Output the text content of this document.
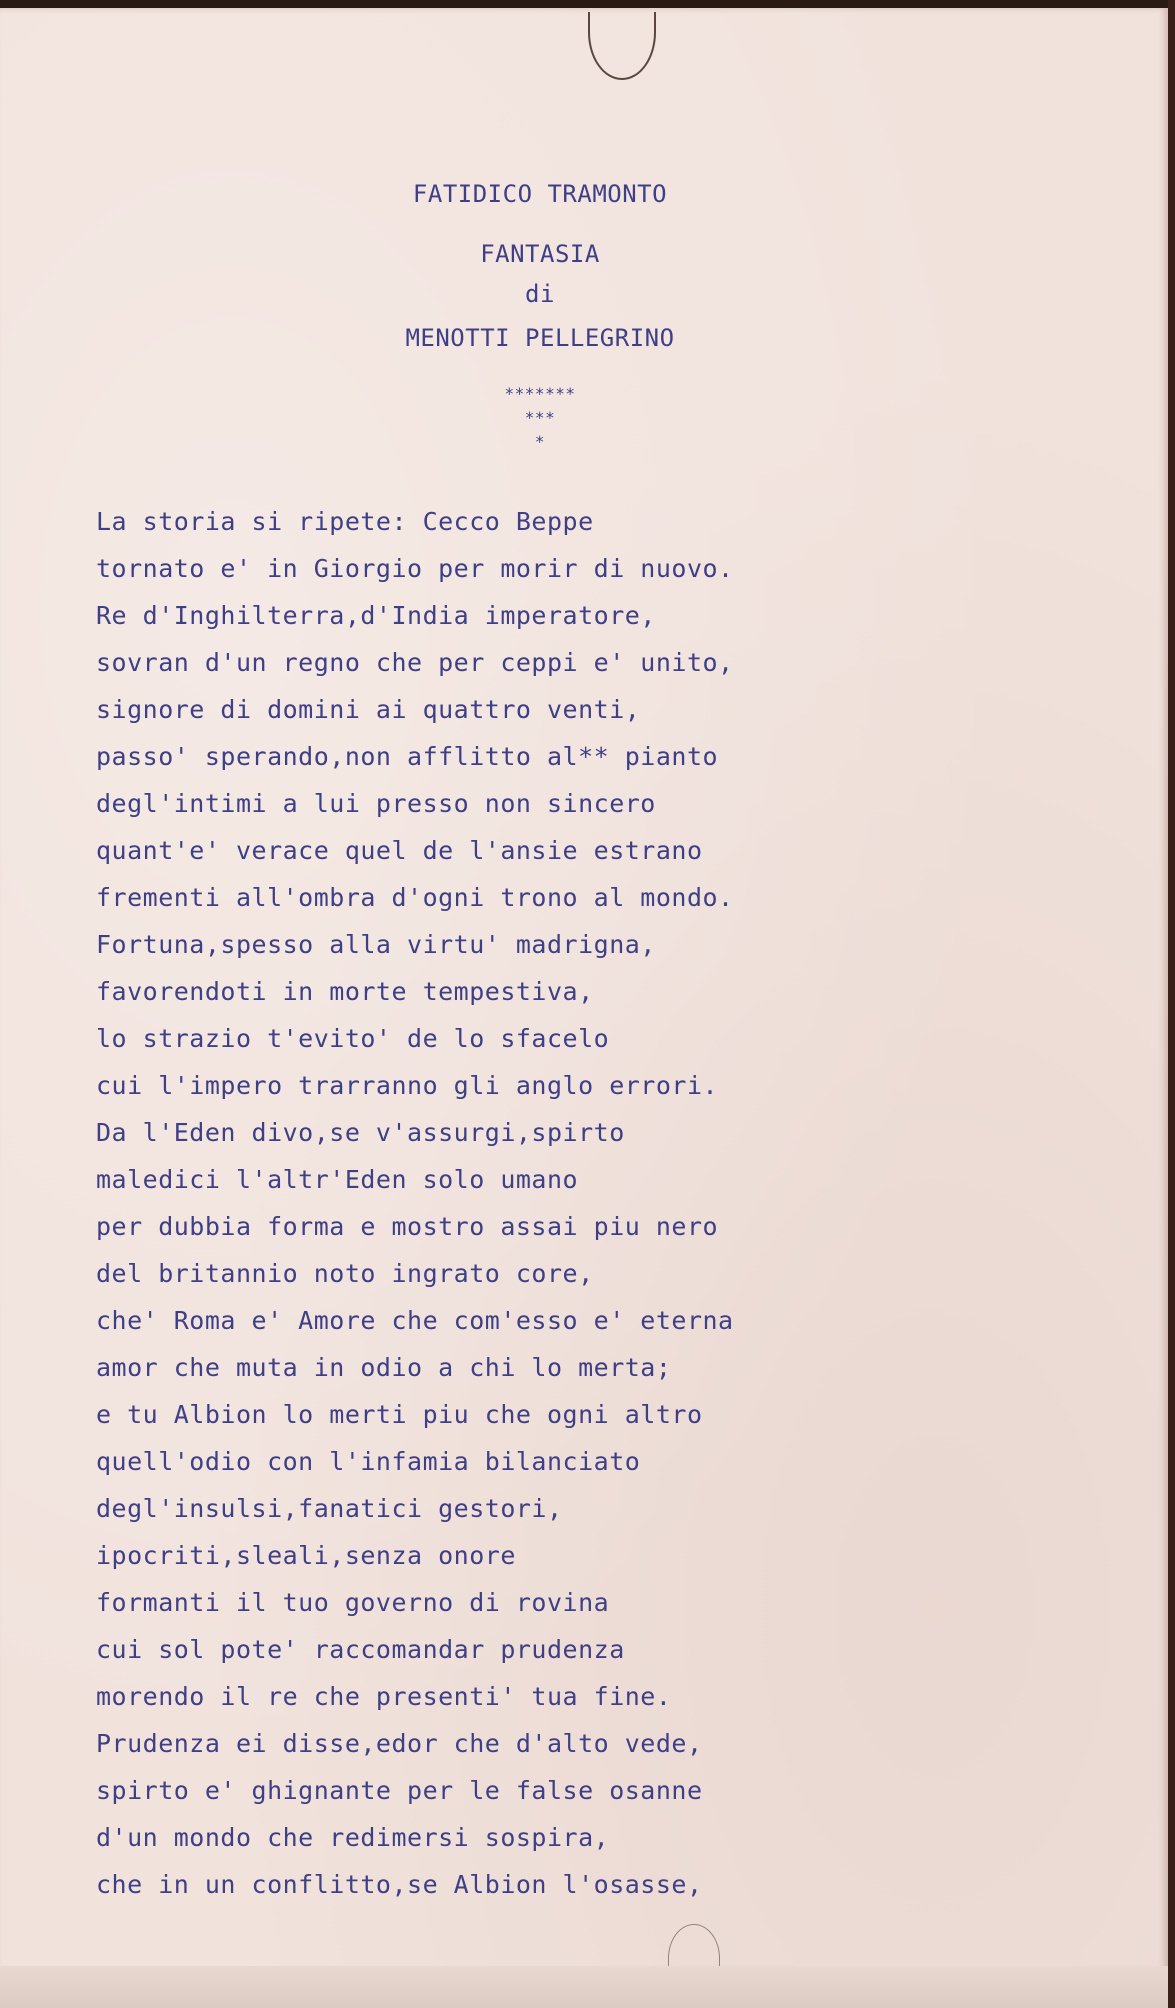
FATIDICO TRAMONTO
FANTASIA
di
MENOTTI PELLEGRINO
*******
***
*
La storia si ripete: Cecco Beppe
tornato e' in Giorgio per morir di nuovo.
Re d'Inghilterra,d'India imperatore,
sovran d'un regno che per ceppi e' unito,
signore di domini ai quattro venti,
passo' sperando,non afflitto al** pianto
degl'intimi a lui presso non sincero
quant'e' verace quel de l'ansie estrano
frementi all'ombra d'ogni trono al mondo.
Fortuna,spesso alla virtu' madrigna,
favorendoti in morte tempestiva,
lo strazio t'evito' de lo sfacelo
cui l'impero trarranno gli anglo errori.
Da l'Eden divo,se v'assurgi,spirto
maledici l'altr'Eden solo umano
per dubbia forma e mostro assai piu nero
del britannio noto ingrato core,
che' Roma e' Amore che com'esso e' eterna
amor che muta in odio a chi lo merta;
e tu Albion lo merti piu che ogni altro
quell'odio con l'infamia bilanciato
degl'insulsi,fanatici gestori,
ipocriti,sleali,senza onore
formanti il tuo governo di rovina
cui sol pote' raccomandar prudenza
morendo il re che presenti' tua fine.
Prudenza ei disse,edor che d'alto vede,
spirto e' ghignante per le false osanne
d'un mondo che redimersi sospira,
che in un conflitto,se Albion l'osasse,
